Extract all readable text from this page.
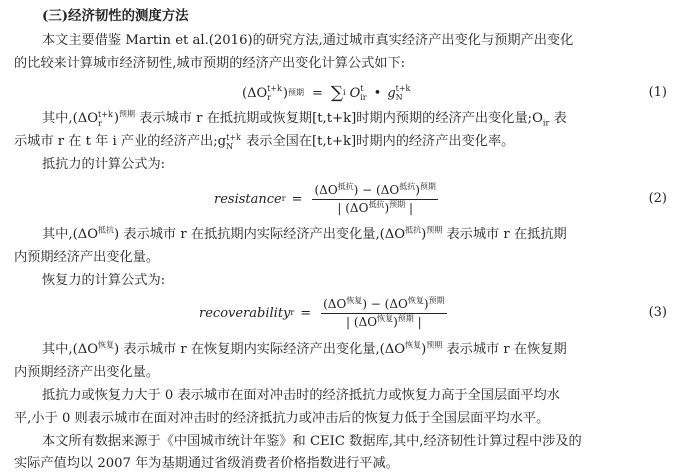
(三)经济韧性的测度方法
本文主要借鉴 Martin et al.(2016)的研究方法,通过城市真实经济产出变化与预期产出变化
的比较来计算城市经济韧性,城市预期的经济产出变化计算公式如下:
(ΔO t+k
r ) 预期 = ∑ i O t
ir • g t+k
N	(1)
其中,(ΔO t+k
r )$^{预期}$ 表示城市 r 在抵抗期或恢复期[t,t+k]时期内预期的经济产出变化量$;O_{ir}$ 表
示城市 r 在 t 年 i 产业的经济产出;g t+k
N 表示全国在[t,t+k]时期内的经济产出变化率。
抵抗力的计算公式为:
resistance $r = \frac{(\Delta O^{抵抗}) - (\Delta O^{抵抗})^{预期}}{| (\Delta O^{抵抗})^{预期} |}$	(2)
其中$,(\Delta O^{抵抗})$ 表示城市 r 在抵抗期内实际经济产出变化量$,(\Delta O^{抵抗})^{预期}$ 表示城市 r 在抵抗期
内预期经济产出变化量。
恢复力的计算公式为:
recoverability $r = \frac{(\Delta O^{恢复}) - (\Delta O^{恢复})^{预期}}{| (\Delta O^{恢复})^{预期} |}$	(3)
其中$,(\Delta O^{恢复})$ 表示城市 r 在恢复期内实际经济产出变化量$,(\Delta O^{恢复})^{预期}$ 表示城市 r 在恢复期
内预期经济产出变化量。
抵抗力或恢复力大于 0 表示城市在面对冲击时的经济抵抗力或恢复力高于全国层面平均水
平,小于 0 则表示城市在面对冲击时的经济抵抗力或冲击后的恢复力低于全国层面平均水平。
本文所有数据来源于《中国城市统计年鉴》和 CEIC 数据库,其中,经济韧性计算过程中涉及的
实际产值均以 2007 年为基期通过省级消费者价格指数进行平减。
